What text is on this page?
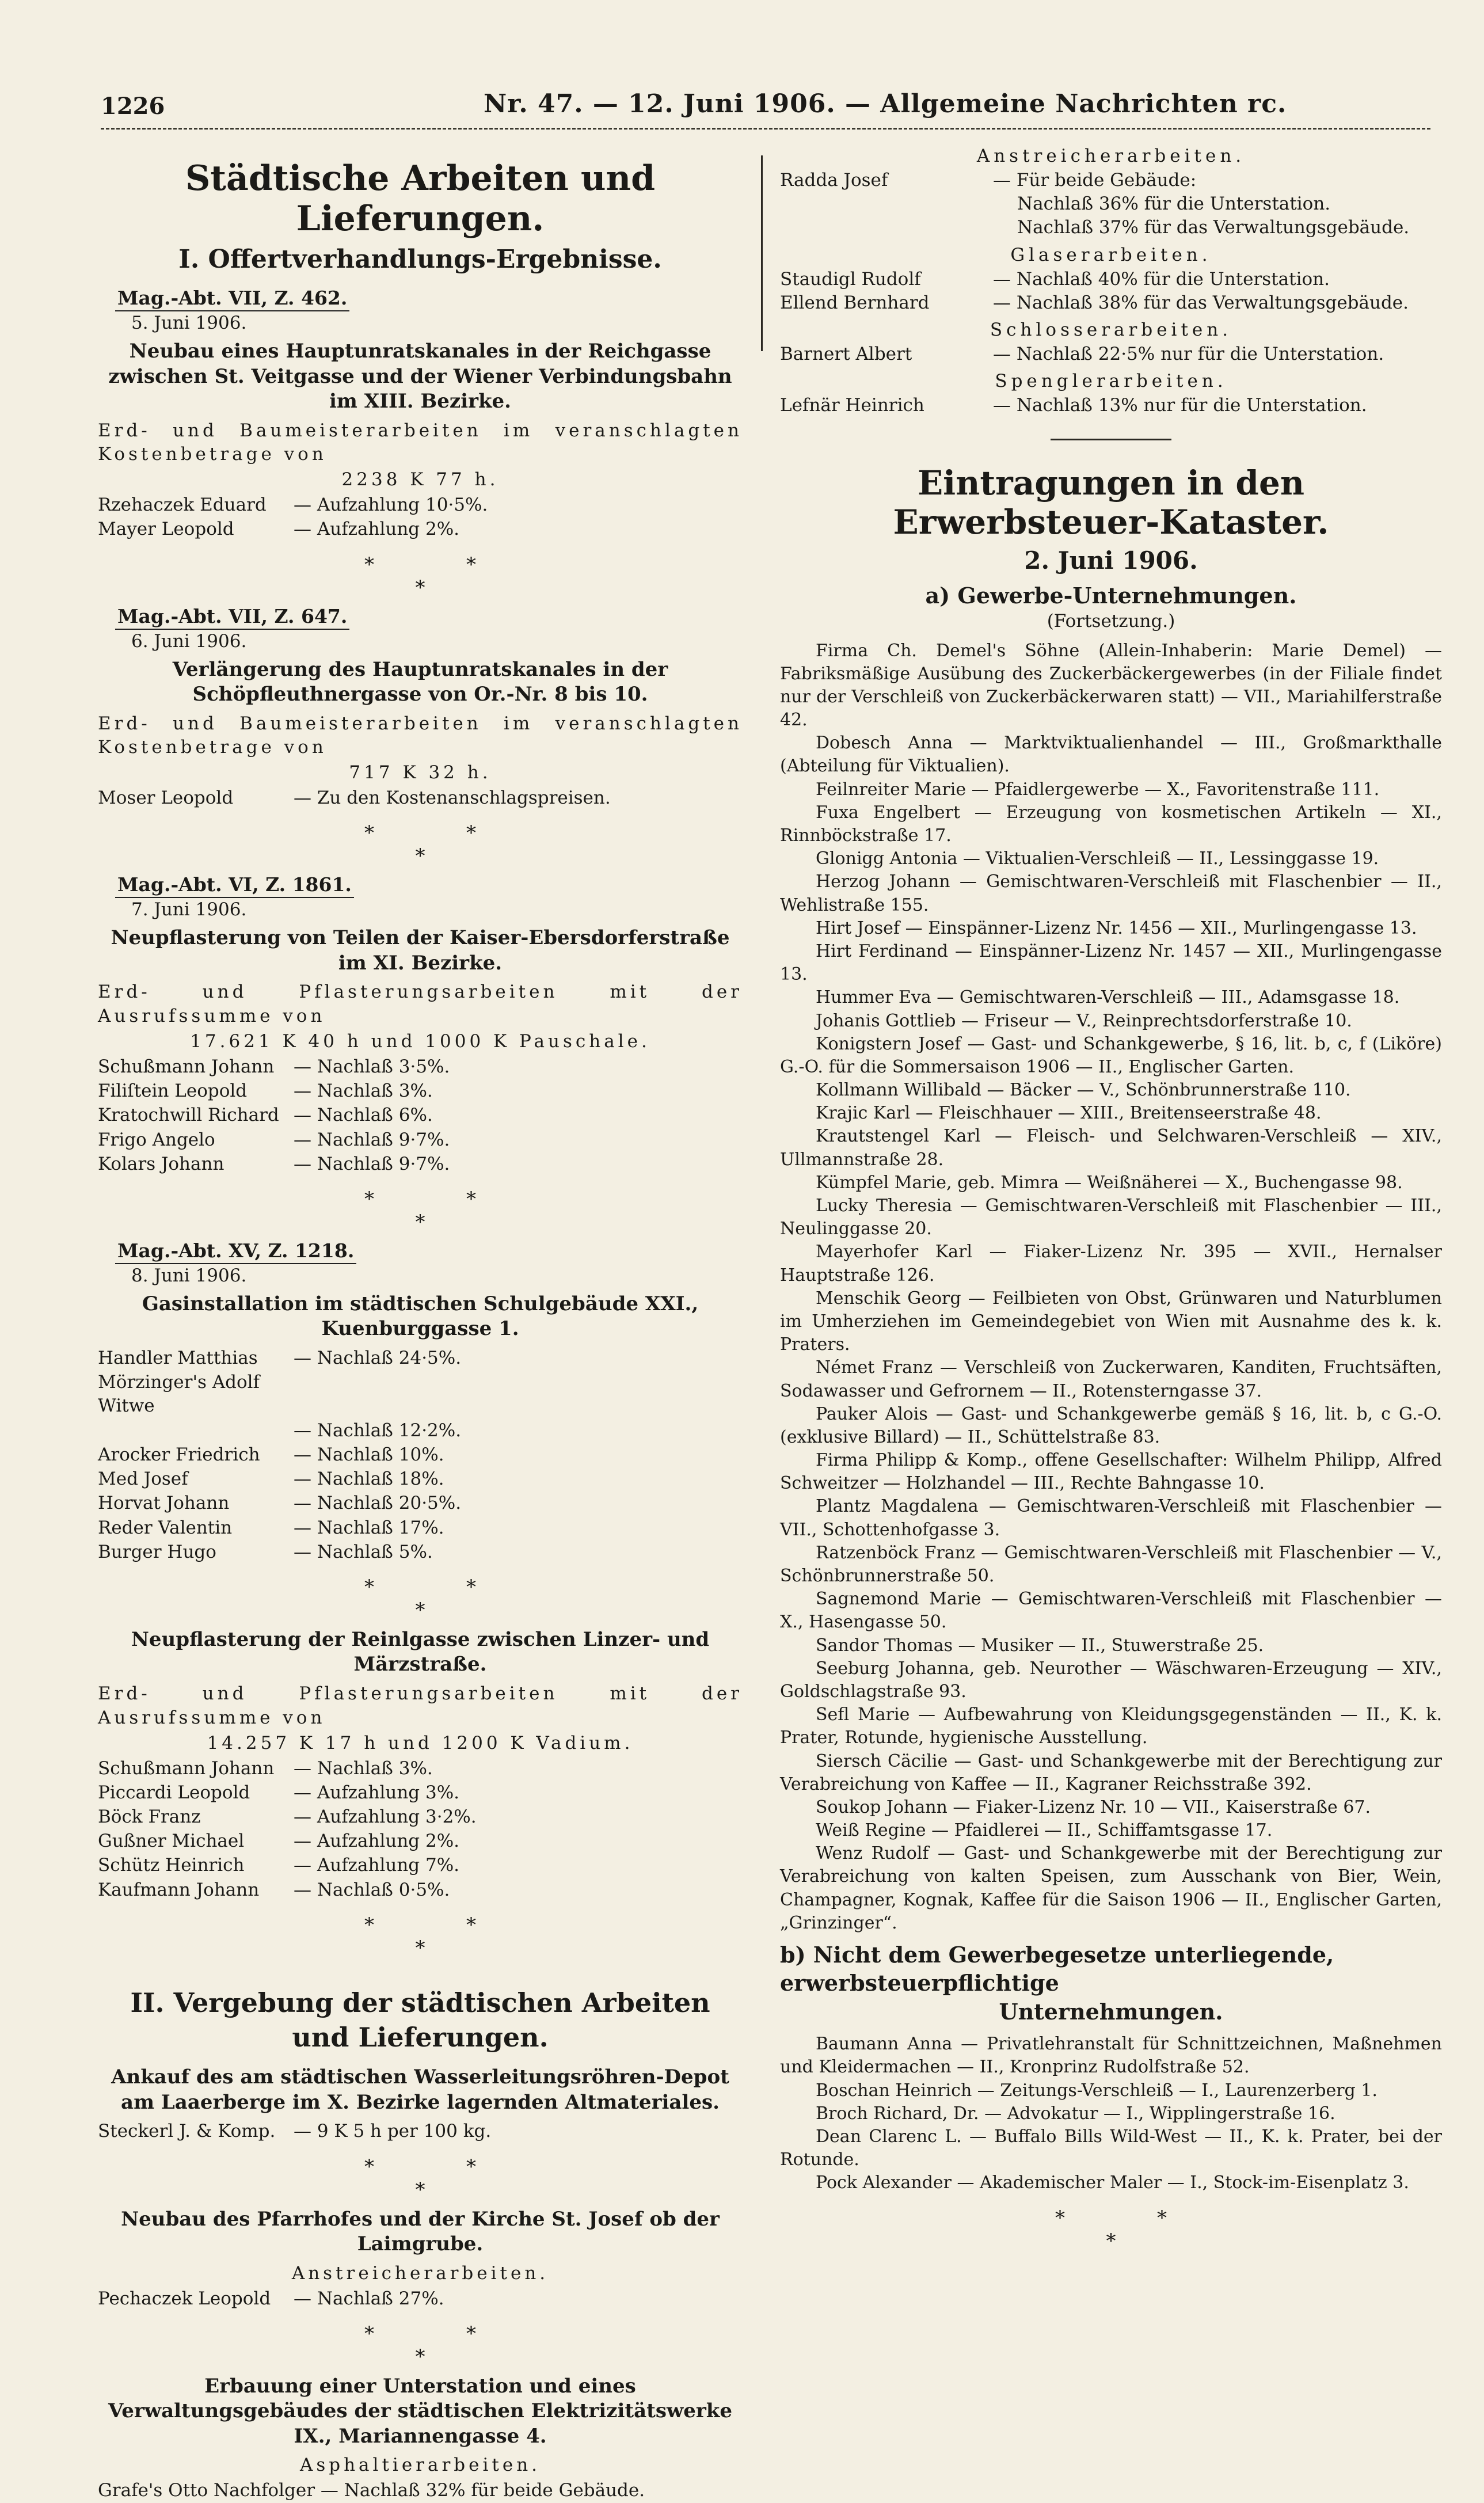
1226	Nr. 47. — 12. Juni 1906. — Allgemeine Nachrichten rc.
Städtische Arbeiten und Lieferungen.
I. Offertverhandlungs-Ergebnisse.
Mag.-Abt. VII, Z. 462.
5. Juni 1906.
Neubau eines Hauptunratskanales in der Reichgasse zwischen St. Veitgasse und der Wiener Verbindungsbahn im XIII. Bezirke.
Erd- und Baumeisterarbeiten im veranschlagten Kostenbetrage von
2238 K 77 h.
Rzehaczek Eduard	— Aufzahlung 10·5%.
Mayer Leopold	— Aufzahlung 2%.
**
*
Mag.-Abt. VII, Z. 647.
6. Juni 1906.
Verlängerung des Hauptunratskanales in der Schöpfleuthnergasse von Or.-Nr. 8 bis 10.
Erd- und Baumeisterarbeiten im veranschlagten Kostenbetrage von
717 K 32 h.
Moser Leopold	— Zu den Kostenanschlagspreisen.
**
*
Mag.-Abt. VI, Z. 1861.
7. Juni 1906.
Neupflasterung von Teilen der Kaiser-Ebersdorferstraße im XI. Bezirke.
Erd- und Pflasterungsarbeiten mit der Ausrufssumme von
17.621 K 40 h und 1000 K Pauschale.
Schußmann Johann	— Nachlaß 3·5%.
Filiſtein Leopold	— Nachlaß 3%.
Kratochwill Richard — Nachlaß 6%.
Frigo Angelo	— Nachlaß 9·7%.
Kolars Johann	— Nachlaß 9·7%.
**
*
Mag.-Abt. XV, Z. 1218.
8. Juni 1906.
Gasinstallation im städtischen Schulgebäude XXI., Kuenburggasse 1.
Handler Matthias	— Nachlaß 24·5%.
Mörzinger's Adolf Witwe
— Nachlaß 12·2%.
Arocker Friedrich	— Nachlaß 10%.
Med Josef	— Nachlaß 18%.
Horvat Johann	— Nachlaß 20·5%.
Reder Valentin	— Nachlaß 17%.
Burger Hugo	— Nachlaß 5%.
**
*
Neupflasterung der Reinlgasse zwischen Linzer- und Märzstraße.
Erd- und Pflasterungsarbeiten mit der Ausrufssumme von
14.257 K 17 h und 1200 K Vadium.
Schußmann Johann	— Nachlaß 3%.
Piccardi Leopold	— Aufzahlung 3%.
Böck Franz	— Aufzahlung 3·2%.
Gußner Michael	— Aufzahlung 2%.
Schütz Heinrich	— Aufzahlung 7%.
Kaufmann Johann	— Nachlaß 0·5%.
**
*
II. Vergebung der städtischen Arbeiten und Lieferungen.
Ankauf des am städtischen Wasserleitungsröhren-Depot am Laaerberge im X. Bezirke lagernden Altmateriales.
Steckerl J. & Komp.	— 9 K 5 h per 100 kg.
**
*
Neubau des Pfarrhofes und der Kirche St. Josef ob der Laimgrube.
Anstreicherarbeiten.
Pechaczek Leopold	— Nachlaß 27%.
**
*
Erbauung einer Unterstation und eines Verwaltungsgebäudes der städtischen Elektrizitätswerke IX., Mariannengasse 4.
Asphaltierarbeiten.
Grafe's Otto Nachfolger — Nachlaß 32% für beide Gebäude.
Anstreicherarbeiten.
Radda Josef	— Für beide Gebäude:
Nachlaß 36% für die Unterstation.
Nachlaß 37% für das Verwaltungsgebäude.
Glaserarbeiten.
Staudigl Rudolf	— Nachlaß 40% für die Unterstation.
Ellend Bernhard	— Nachlaß 38% für das Verwaltungsgebäude.
Schlosserarbeiten.
Barnert Albert	— Nachlaß 22·5% nur für die Unterstation.
Spenglerarbeiten.
Lefnär Heinrich	— Nachlaß 13% nur für die Unterstation.
Eintragungen in den Erwerbsteuer-Kataster.
2. Juni 1906.
a) Gewerbe-Unternehmungen.
(Fortsetzung.)

Firma Ch. Demel's Söhne (Allein-Inhaberin: Marie Demel) — Fabriksmäßige Ausübung des Zuckerbäckergewerbes (in der Filiale findet nur der Verschleiß von Zuckerbäckerwaren statt) — VII., Mariahilferstraße 42.

Dobesch Anna — Marktviktualienhandel — III., Großmarkthalle (Abteilung für Viktualien).

Feilnreiter Marie — Pfaidlergewerbe — X., Favoritenstraße 111.

Fuxa Engelbert — Erzeugung von kosmetischen Artikeln — XI., Rinnböckstraße 17.

Glonigg Antonia — Viktualien-Verschleiß — II., Lessinggasse 19.

Herzog Johann — Gemischtwaren-Verschleiß mit Flaschenbier — II., Wehlistraße 155.

Hirt Josef — Einspänner-Lizenz Nr. 1456 — XII., Murlingengasse 13.

Hirt Ferdinand — Einspänner-Lizenz Nr. 1457 — XII., Murlingengasse 13.

Hummer Eva — Gemischtwaren-Verschleiß — III., Adamsgasse 18.

Johanis Gottlieb — Friseur — V., Reinprechtsdorferstraße 10.

Konigstern Josef — Gast- und Schankgewerbe, § 16, lit. b, c, f (Liköre) G.-O. für die Sommersaison 1906 — II., Englischer Garten.

Kollmann Willibald — Bäcker — V., Schönbrunnerstraße 110.

Krajic Karl — Fleischhauer — XIII., Breitenseerstraße 48.

Krautstengel Karl — Fleisch- und Selchwaren-Verschleiß — XIV., Ullmannstraße 28.

Kümpfel Marie, geb. Mimra — Weißnäherei — X., Buchengasse 98.

Lucky Theresia — Gemischtwaren-Verschleiß mit Flaschenbier — III., Neulinggasse 20.

Mayerhofer Karl — Fiaker-Lizenz Nr. 395 — XVII., Hernalser Hauptstraße 126.

Menschik Georg — Feilbieten von Obst, Grünwaren und Naturblumen im Umherziehen im Gemeindegebiet von Wien mit Ausnahme des k. k. Praters.

Német Franz — Verschleiß von Zuckerwaren, Kanditen, Fruchtsäften, Sodawasser und Gefrornem — II., Rotensterngasse 37.

Pauker Alois — Gast- und Schankgewerbe gemäß § 16, lit. b, c G.-O. (exklusive Billard) — II., Schüttelstraße 83.

Firma Philipp & Komp., offene Gesellschafter: Wilhelm Philipp, Alfred Schweitzer — Holzhandel — III., Rechte Bahngasse 10.

Plantz Magdalena — Gemischtwaren-Verschleiß mit Flaschenbier — VII., Schottenhofgasse 3.

Ratzenböck Franz — Gemischtwaren-Verschleiß mit Flaschenbier — V., Schönbrunnerstraße 50.

Sagnemond Marie — Gemischtwaren-Verschleiß mit Flaschenbier — X., Hasengasse 50.

Sandor Thomas — Musiker — II., Stuwerstraße 25.

Seeburg Johanna, geb. Neurother — Wäschwaren-Erzeugung — XIV., Goldschlagstraße 93.

Sefl Marie — Aufbewahrung von Kleidungsgegenständen — II., K. k. Prater, Rotunde, hygienische Ausstellung.

Siersch Cäcilie — Gast- und Schankgewerbe mit der Berechtigung zur Verabreichung von Kaffee — II., Kagraner Reichsstraße 392.

Soukop Johann — Fiaker-Lizenz Nr. 10 — VII., Kaiserstraße 67.

Weiß Regine — Pfaidlerei — II., Schiffamtsgasse 17.

Wenz Rudolf — Gast- und Schankgewerbe mit der Berechtigung zur Verabreichung von kalten Speisen, zum Ausschank von Bier, Wein, Champagner, Kognak, Kaffee für die Saison 1906 — II., Englischer Garten, „Grinzinger“.

b) Nicht dem Gewerbegesetze unterliegende, erwerbsteuerpflichtige
Unternehmungen.

Baumann Anna — Privatlehranstalt für Schnittzeichnen, Maßnehmen und Kleidermachen — II., Kronprinz Rudolfstraße 52.

Boschan Heinrich — Zeitungs-Verschleiß — I., Laurenzerberg 1.

Broch Richard, Dr. — Advokatur — I., Wipplingerstraße 16.

Dean Clarenc L. — Buffalo Bills Wild-West — II., K. k. Prater, bei der Rotunde.

Pock Alexander — Akademischer Maler — I., Stock-im-Eisenplatz 3.

**
*
